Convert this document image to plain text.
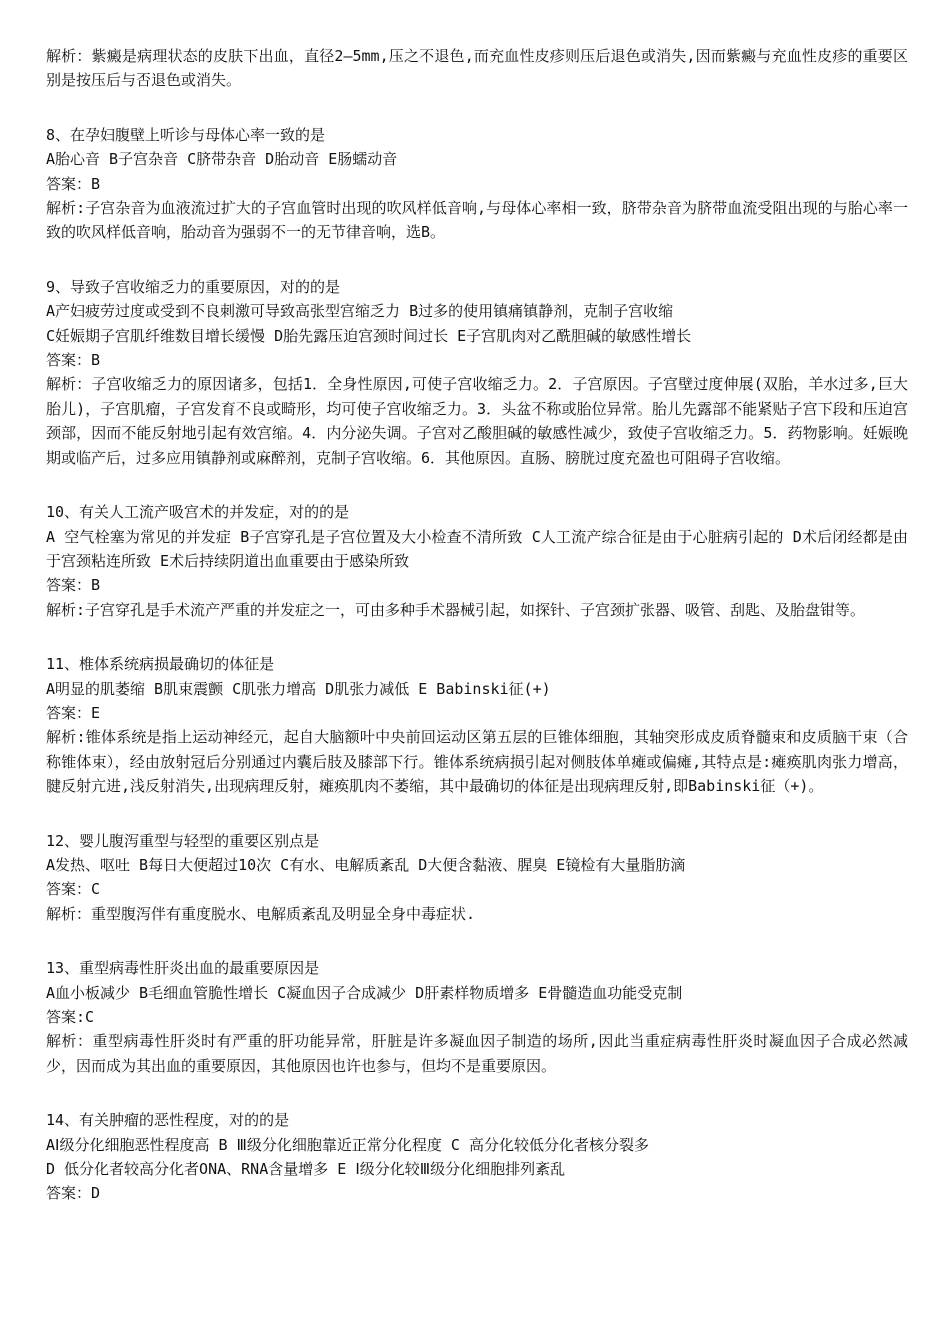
解析：紫癜是病理状态的皮肤下出血，直径2—5mm,压之不退色,而充血性皮疹则压后退色或消失,因而紫癜与充血性皮疹的重要区别是按压后与否退色或消失。
8、在孕妇腹壁上听诊与母体心率一致的是
A胎心音 B子宫杂音 C脐带杂音 D胎动音 E肠蠕动音
答案：B
解析:子宫杂音为血液流过扩大的子宫血管时出现的吹风样低音响,与母体心率相一致，脐带杂音为脐带血流受阻出现的与胎心率一致的吹风样低音响，胎动音为强弱不一的无节律音响，选B。
9、导致子宫收缩乏力的重要原因，对的的是
A产妇疲劳过度或受到不良刺激可导致高张型宫缩乏力 B过多的使用镇痛镇静剂，克制子宫收缩
C妊娠期子宫肌纤维数目增长缓慢 D胎先露压迫宫颈时间过长 E子宫肌肉对乙酰胆碱的敏感性增长
答案：B
解析：子宫收缩乏力的原因诸多，包括1．全身性原因,可使子宫收缩乏力。2．子宫原因。子宫壁过度伸展(双胎，羊水过多,巨大胎儿)，子宫肌瘤，子宫发育不良或畸形，均可使子宫收缩乏力。3．头盆不称或胎位异常。胎儿先露部不能紧贴子宫下段和压迫宫颈部，因而不能反射地引起有效宫缩。4．内分泌失调。子宫对乙酸胆碱的敏感性减少，致使子宫收缩乏力。5．药物影响。妊娠晚期或临产后，过多应用镇静剂或麻醉剂，克制子宫收缩。6．其他原因。直肠、膀胱过度充盈也可阻碍子宫收缩。
10、有关人工流产吸宫术的并发症，对的的是
A 空气栓塞为常见的并发症 B子宫穿孔是子宫位置及大小检查不清所致 C人工流产综合征是由于心脏病引起的 D术后闭经都是由于宫颈粘连所致 E术后持续阴道出血重要由于感染所致
答案：B
解析:子宫穿孔是手术流产严重的并发症之一，可由多种手术器械引起，如探针、子宫颈扩张器、吸管、刮匙、及胎盘钳等。
11、椎体系统病损最确切的体征是
A明显的肌萎缩 B肌束震颤 C肌张力增高 D肌张力减低 E Babinski征(+)
答案：E
解析:锥体系统是指上运动神经元，起自大脑额叶中央前回运动区第五层的巨锥体细胞，其轴突形成皮质脊髓束和皮质脑干束（合称锥体束），经由放射冠后分别通过内囊后肢及膝部下行。锥体系统病损引起对侧肢体单瘫或偏瘫,其特点是:瘫痪肌肉张力增高，腱反射亢进,浅反射消失,出现病理反射，瘫痪肌肉不萎缩，其中最确切的体征是出现病理反射,即Babinski征（+)。
12、婴儿腹泻重型与轻型的重要区别点是
A发热、呕吐 B每日大便超过10次 C有水、电解质紊乱 D大便含黏液、腥臭 E镜检有大量脂肪滴
答案：C
解析：重型腹泻伴有重度脱水、电解质紊乱及明显全身中毒症状.
13、重型病毒性肝炎出血的最重要原因是
A血小板减少 B毛细血管脆性增长 C凝血因子合成减少 D肝素样物质增多 E骨髓造血功能受克制
答案:C
解析：重型病毒性肝炎时有严重的肝功能异常，肝脏是许多凝血因子制造的场所,因此当重症病毒性肝炎时凝血因子合成必然减少，因而成为其出血的重要原因，其他原因也许也参与，但均不是重要原因。
14、有关肿瘤的恶性程度，对的的是
AⅠ级分化细胞恶性程度高 B Ⅲ级分化细胞靠近正常分化程度 C 高分化较低分化者核分裂多
D 低分化者较高分化者ONA、RNA含量增多 E Ⅰ级分化较Ⅲ级分化细胞排列紊乱
答案：D
